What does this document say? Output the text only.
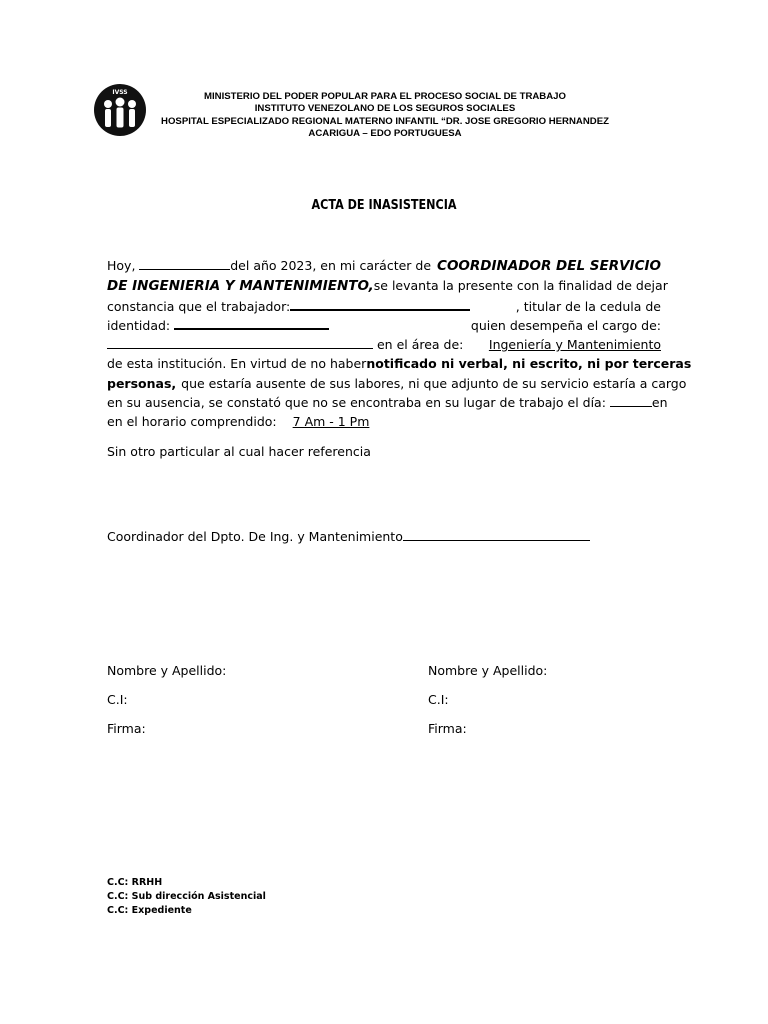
IVSS	MINISTERIO DEL PODER POPULAR PARA EL PROCESO SOCIAL DE TRABAJO
INSTITUTO VENEZOLANO DE LOS SEGUROS SOCIALES
HOSPITAL ESPECIALIZADO REGIONAL MATERNO INFANTIL “DR. JOSE GREGORIO HERNANDEZ
ACARIGUA – EDO PORTUGUESA
ACTA DE INASISTENCIA
Hoy,	del año 2023, en mi carácter de COORDINADOR DEL SERVICIO
DE INGENIERIA Y MANTENIMIENTO, se levanta la presente con la finalidad de dejar
constancia que el trabajador:	, titular de la cedula de
identidad:	quien desempeña el cargo de:
en el área de:	Ingeniería y Mantenimiento
de esta institución. En virtud de no haber notificado ni verbal, ni escrito, ni por terceras
personas, que estaría ausente de sus labores, ni que adjunto de su servicio estaría a cargo
en su ausencia, se constató que no se encontraba en su lugar de trabajo el día:	en
en el horario comprendido:	7 Am - 1 Pm
Sin otro particular al cual hacer referencia
Coordinador del Dpto. De Ing. y Mantenimiento
Nombre y Apellido:
C.I:
Firma:
Nombre y Apellido:
C.I:
Firma:
C.C: RRHH
C.C: Sub dirección Asistencial
C.C: Expediente
